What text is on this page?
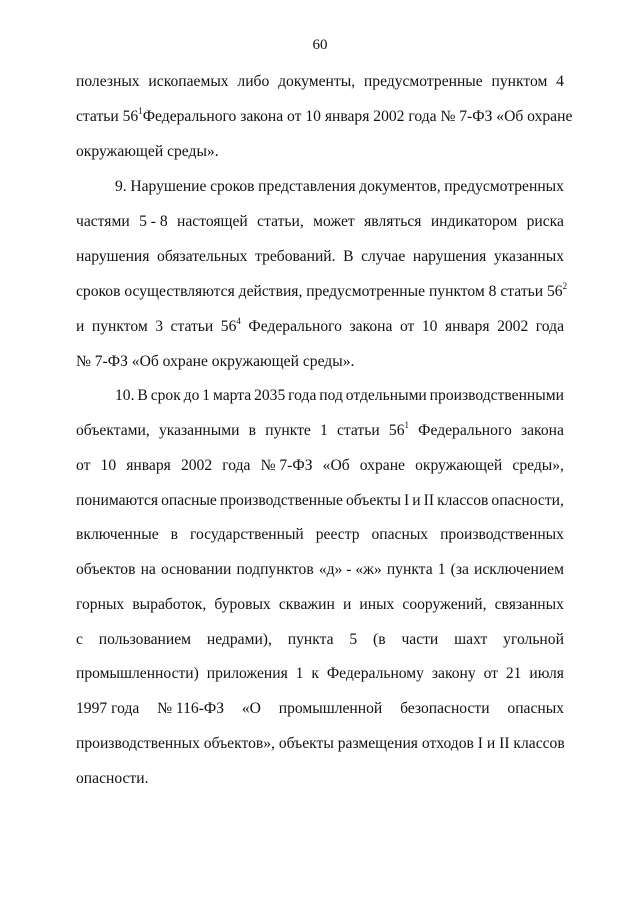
60
полезных ископаемых либо документы, предусмотренные пунктом 4
статьи $56^1$ Федерального закона от 10 января 2002 года № 7-ФЗ «Об охране
окружающей среды».
9. Нарушение сроков представления документов, предусмотренных
частями 5 - 8 настоящей статьи, может являться индикатором риска
нарушения обязательных требований. В случае нарушения указанных
сроков осуществляются действия, предусмотренные пунктом 8 статьи $56^2$
и пунктом 3 статьи $56^4$ Федерального закона от 10 января 2002 года
№ 7-ФЗ «Об охране окружающей среды».
10. В срок до 1 марта 2035 года под отдельными производственными
объектами, указанными в пункте 1 статьи $56^1$ Федерального закона
от 10 января 2002 года № 7-ФЗ «Об охране окружающей среды»,
понимаются опасные производственные объекты I и II классов опасности,
включенные в государственный реестр опасных производственных
объектов на основании подпунктов «д» - «ж» пункта 1 (за исключением
горных выработок, буровых скважин и иных сооружений, связанных
с пользованием недрами), пункта 5 (в части шахт угольной
промышленности) приложения 1 к Федеральному закону от 21 июля
1997 года № 116-ФЗ «О промышленной безопасности опасных
производственных объектов», объекты размещения отходов I и II классов
опасности.
